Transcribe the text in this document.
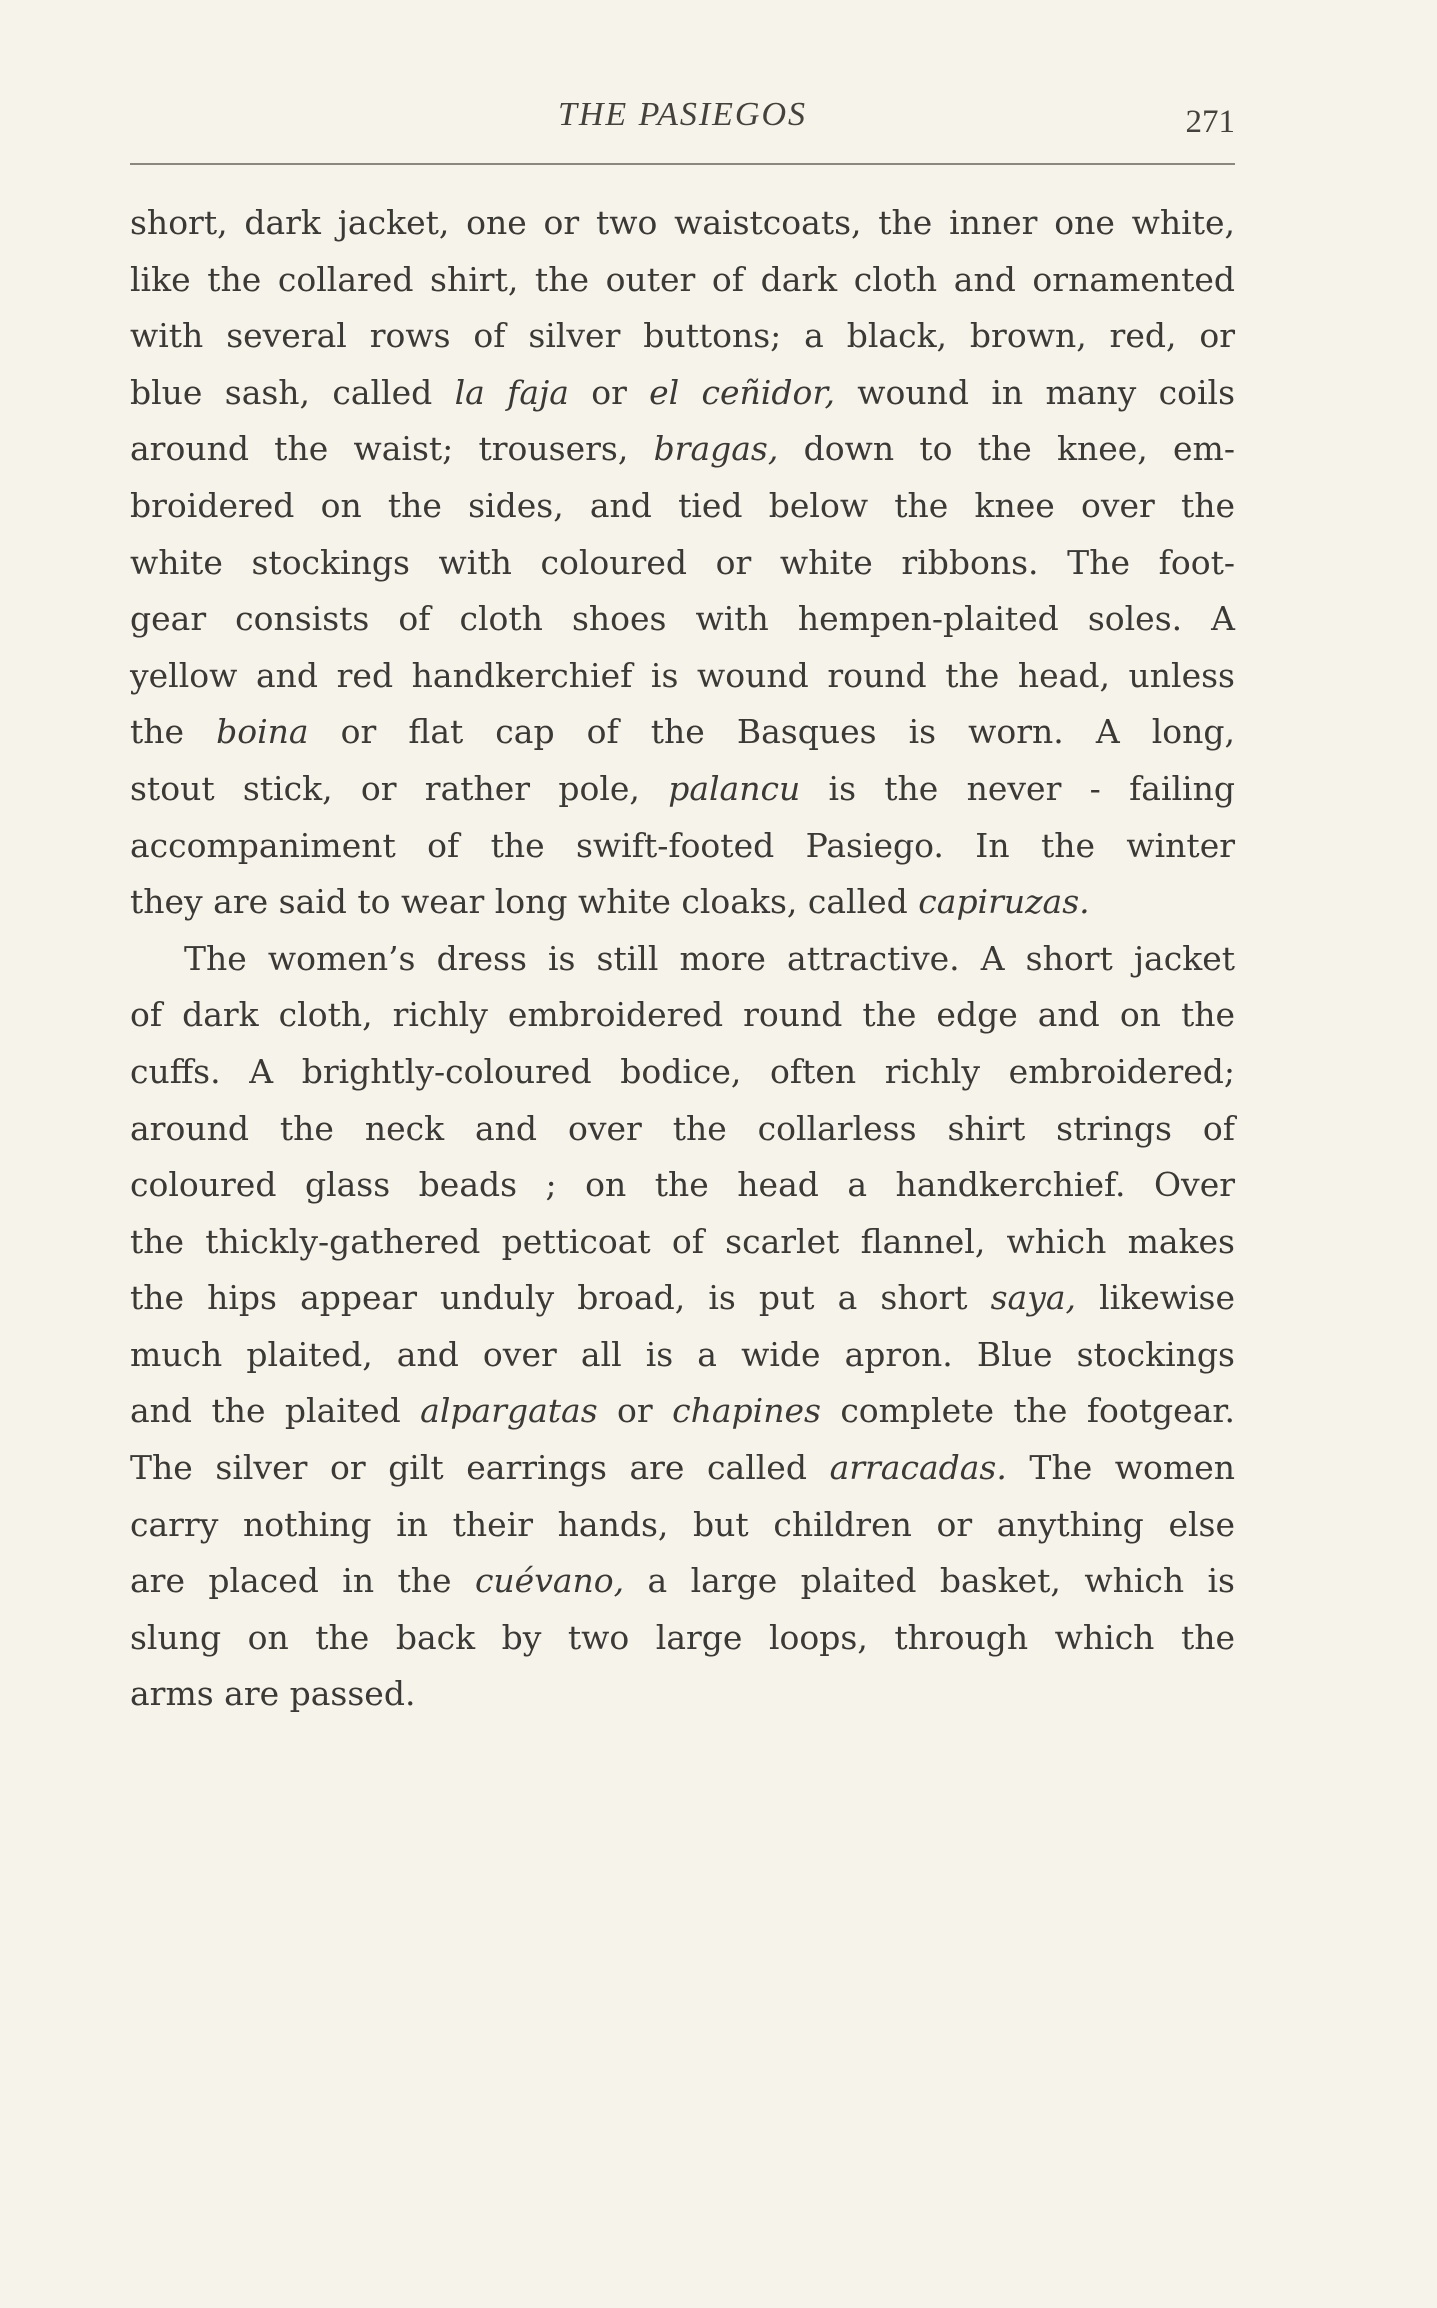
THE PASIEGOS	271
short, dark jacket, one or two waistcoats, the inner one white,
like the collared shirt, the outer of dark cloth and ornamented
with several rows of silver buttons; a black, brown, red, or
blue sash, called la faja or el ceñidor, wound in many coils
around the waist; trousers, bragas, down to the knee, em-
broidered on the sides, and tied below the knee over the
white stockings with coloured or white ribbons. The foot-
gear consists of cloth shoes with hempen-plaited soles. A
yellow and red handkerchief is wound round the head, unless
the boina or flat cap of the Basques is worn. A long,
stout stick, or rather pole, palancu is the never - failing
accompaniment of the swift-footed Pasiego. In the winter
they are said to wear long white cloaks, called capiruzas.
The women’s dress is still more attractive. A short jacket
of dark cloth, richly embroidered round the edge and on the
cuffs. A brightly-coloured bodice, often richly embroidered;
around the neck and over the collarless shirt strings of
coloured glass beads ; on the head a handkerchief. Over
the thickly-gathered petticoat of scarlet flannel, which makes
the hips appear unduly broad, is put a short saya, likewise
much plaited, and over all is a wide apron. Blue stockings
and the plaited alpargatas or chapines complete the footgear.
The silver or gilt earrings are called arracadas. The women
carry nothing in their hands, but children or anything else
are placed in the cuévano, a large plaited basket, which is
slung on the back by two large loops, through which the
arms are passed.
